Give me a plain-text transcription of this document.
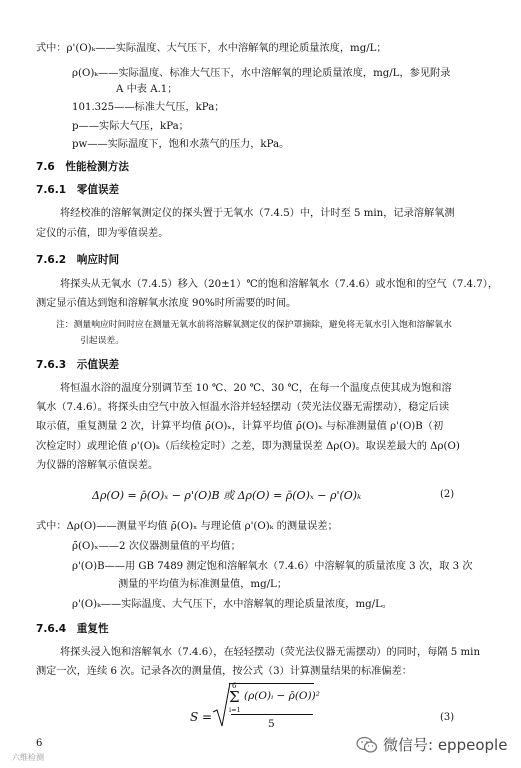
式中：ρ'(O)ₖ——实际温度、大气压下，水中溶解氧的理论质量浓度，mg/L；
ρ(O)ₖ——实际温度、标准大气压下，水中溶解氧的理论质量浓度，mg/L，参见附录
A 中表 A.1；
101.325——标准大气压，kPa；
p——实际大气压，kPa；
pw——实际温度下，饱和水蒸气的压力，kPa。
7.6　性能检测方法
7.6.1　零值误差
将经校准的溶解氧测定仪的探头置于无氧水（7.4.5）中，计时至 5 min，记录溶解氧测
定仪的示值，即为零值误差。
7.6.2　响应时间
将探头从无氧水（7.4.5）移入（20±1）℃的饱和溶解氧水（7.4.6）或水饱和的空气（7.4.7），
测定显示值达到饱和溶解氧水浓度 90%时所需要的时间。
注：测量响应时间时应在测量无氧水前将溶解氧测定仪的保护罩摘除，避免将无氧水引入饱和溶解氧水
引起误差。
7.6.3　示值误差
将恒温水浴的温度分别调节至 10 ℃、20 ℃、30 ℃，在每一个温度点使其成为饱和溶
氧水（7.4.6）。将探头由空气中放入恒温水浴并轻轻摆动（荧光法仪器无需摆动），稳定后读
取示值，重复测量 2 次，计算平均值 ρ̄(O)ₓ，计算平均值 ρ̄(O)ₓ 与标准测量值 ρ'(O)B（初
次检定时）或理论值 ρ'(O)ₖ（后续检定时）之差，即为测量误差 Δρ(O)。取误差最大的 Δρ(O)
为仪器的溶解氧示值误差。
Δρ(O) = ρ̄(O)ₓ − ρ'(O)B 或 Δρ(O) = ρ̄(O)ₓ − ρ'(O)ₖ	(2)
式中：Δρ(O)——测量平均值 ρ̄(O)ₓ 与理论值 ρ'(O)ₖ 的测量误差；
ρ̄(O)ₓ——2 次仪器测量值的平均值；
ρ'(O)B——用 GB 7489 测定饱和溶解氧水（7.4.6）中溶解氧的质量浓度 3 次，取 3 次
测量的平均值为标准测量值，mg/L；
ρ'(O)ₖ——实际温度、大气压下，水中溶解氧的理论质量浓度，mg/L。
7.6.4　重复性
将探头浸入饱和溶解氧水（7.4.6），在轻轻摆动（荧光法仪器无需摆动）的同时，每隔 5 min
测定一次，连续 6 次。记录各次的测量值，按公式（3）计算测量结果的标准偏差：
S =
6
Σ
i=1
(ρ(O)ᵢ − ρ̄(O))²
5
(3)
6
六维检测
微信号: eppeople
